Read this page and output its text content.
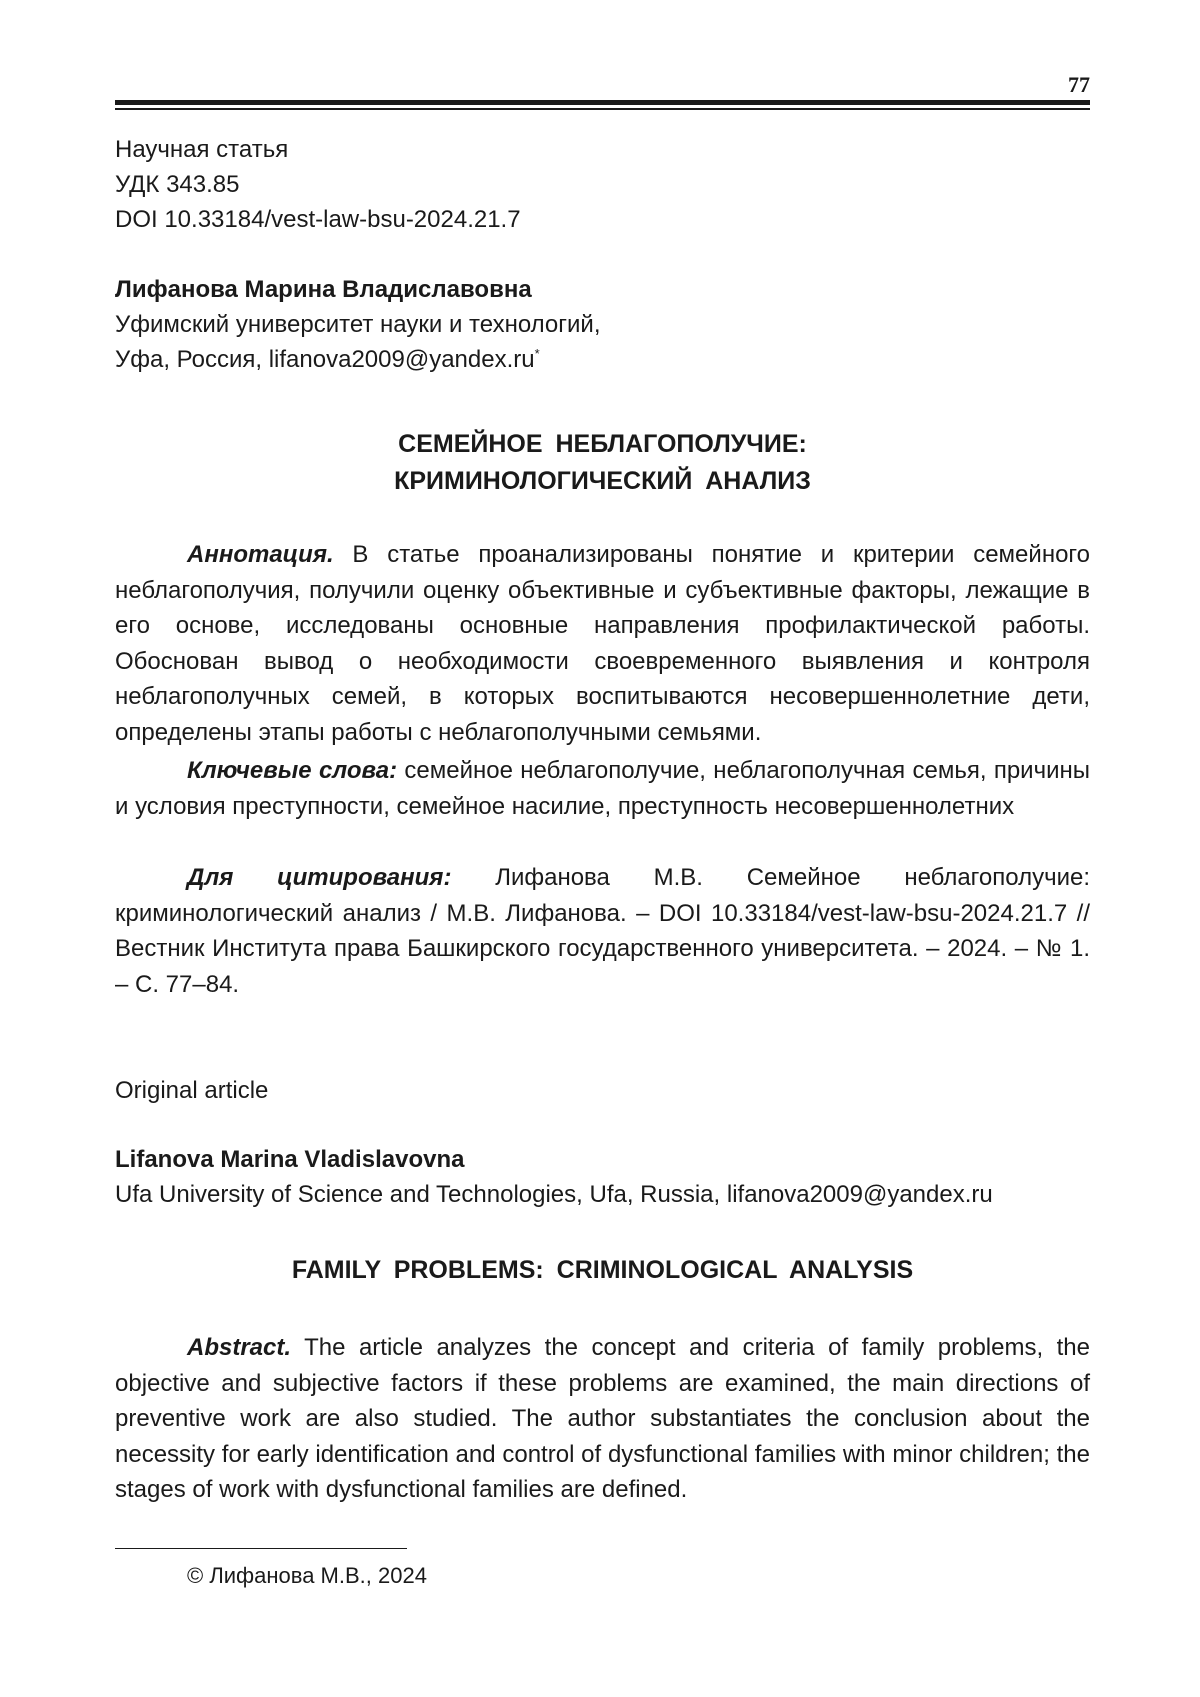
77
Научная статья
УДК 343.85
DOI 10.33184/vest-law-bsu-2024.21.7
Лифанова Марина Владиславовна
Уфимский университет науки и технологий,
Уфа, Россия, lifanova2009@yandex.ru*
СЕМЕЙНОЕ НЕБЛАГОПОЛУЧИЕ:
КРИМИНОЛОГИЧЕСКИЙ АНАЛИЗ
Аннотация. В статье проанализированы понятие и критерии семейного неблагополучия, получили оценку объективные и субъективные факторы, лежащие в его основе, исследованы основные направления профилактической работы. Обоснован вывод о необходимости своевременного выявления и контроля неблагополучных семей, в которых воспитываются несовершеннолетние дети, определены этапы работы с неблагополучными семьями.
Ключевые слова: семейное неблагополучие, неблагополучная семья, причины и условия преступности, семейное насилие, преступность несовершеннолетних
Для цитирования: Лифанова М.В. Семейное неблагополучие: криминологический анализ / М.В. Лифанова. – DOI 10.33184/vest-law-bsu-2024.21.7 // Вестник Института права Башкирского государственного университета. – 2024. – № 1. – С. 77–84.
Original article
Lifanova Marina Vladislavovna
Ufa University of Science and Technologies, Ufa, Russia, lifanova2009@yandex.ru
FAMILY PROBLEMS: CRIMINOLOGICAL ANALYSIS
Abstract. The article analyzes the concept and criteria of family problems, the objective and subjective factors if these problems are examined, the main directions of preventive work are also studied. The author substantiates the conclusion about the necessity for early identification and control of dysfunctional families with minor children; the stages of work with dysfunctional families are defined.
© Лифанова М.В., 2024
